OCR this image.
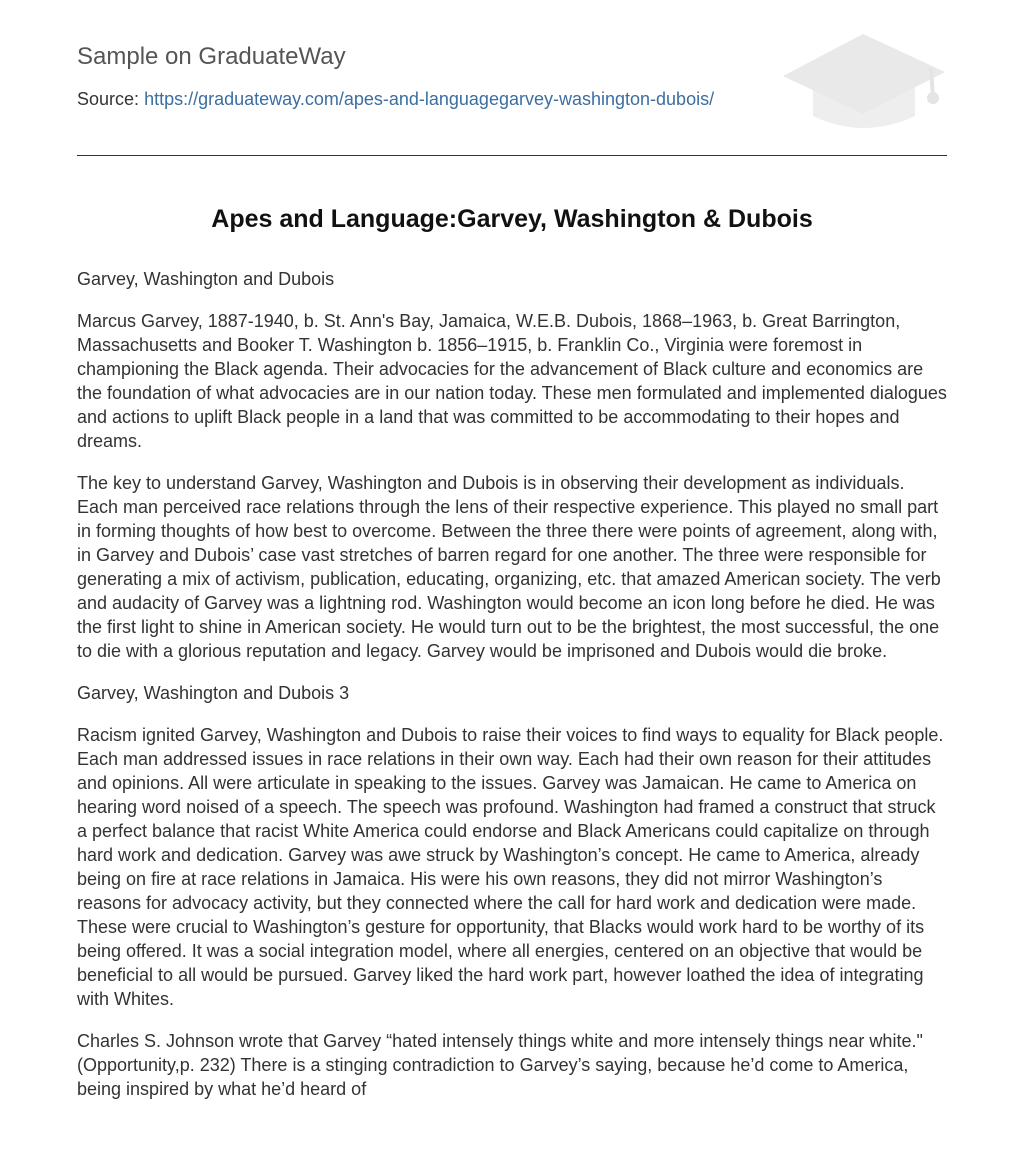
Sample on GraduateWay
Source: https://graduateway.com/apes-and-languagegarvey-washington-dubois/
Apes and Language:Garvey, Washington & Dubois

Garvey, Washington and Dubois

Marcus Garvey, 1887-1940, b. St. Ann's Bay, Jamaica, W.E.B. Dubois, 1868–1963, b. Great Barrington, Massachusetts and Booker T. Washington b. 1856–1915, b. Franklin Co., Virginia were foremost in championing the Black agenda. Their advocacies for the advancement of Black culture and economics are the foundation of what advocacies are in our nation today. These men formulated and implemented dialogues and actions to uplift Black people in a land that was committed to be accommodating to their hopes and dreams.

The key to understand Garvey, Washington and Dubois is in observing their development as individuals. Each man perceived race relations through the lens of their respective experience. This played no small part in forming thoughts of how best to overcome. Between the three there were points of agreement, along with, in Garvey and Dubois’ case vast stretches of barren regard for one another. The three were responsible for generating a mix of activism, publication, educating, organizing, etc. that amazed American society. The verb and audacity of Garvey was a lightning rod. Washington would become an icon long before he died. He was the first light to shine in American society. He would turn out to be the brightest, the most successful, the one to die with a glorious reputation and legacy. Garvey would be imprisoned and Dubois would die broke.

Garvey, Washington and Dubois 3

Racism ignited Garvey, Washington and Dubois to raise their voices to find ways to equality for Black people. Each man addressed issues in race relations in their own way. Each had their own reason for their attitudes and opinions. All were articulate in speaking to the issues. Garvey was Jamaican. He came to America on hearing word noised of a speech. The speech was profound. Washington had framed a construct that struck a perfect balance that racist White America could endorse and Black Americans could capitalize on through hard work and dedication. Garvey was awe struck by Washington’s concept. He came to America, already being on fire at race relations in Jamaica. His were his own reasons, they did not mirror Washington’s reasons for advocacy activity, but they connected where the call for hard work and dedication were made. These were crucial to Washington’s gesture for opportunity, that Blacks would work hard to be worthy of its being offered. It was a social integration model, where all energies, centered on an objective that would be beneficial to all would be pursued. Garvey liked the hard work part, however loathed the idea of integrating with Whites.

Charles S. Johnson wrote that Garvey “hated intensely things white and more intensely things near white." (Opportunity,p. 232) There is a stinging contradiction to Garvey’s saying, because he’d come to America, being inspired by what he’d heard of
